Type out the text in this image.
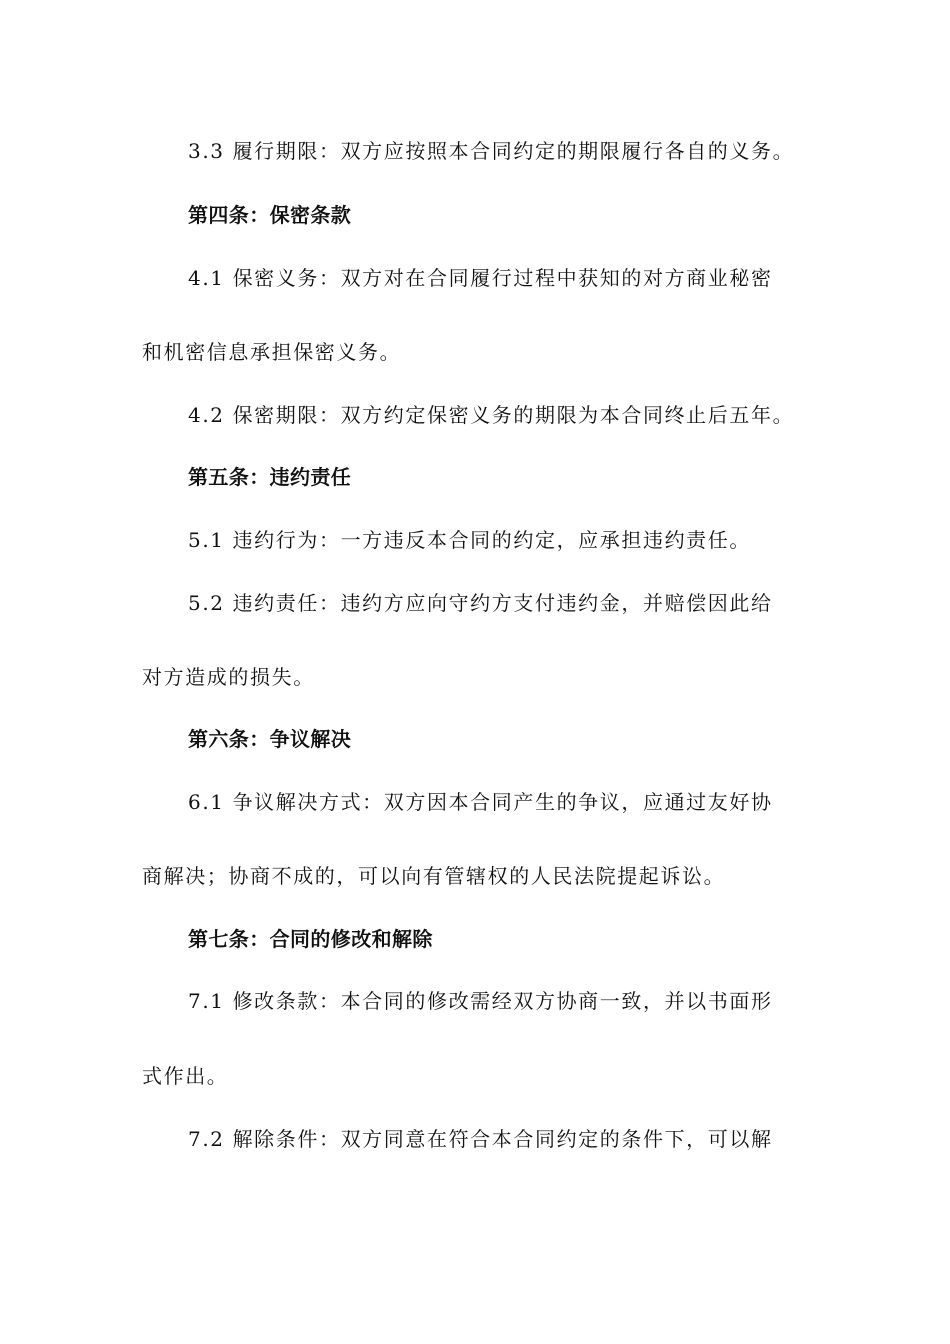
3.3 履行期限：双方应按照本合同约定的期限履行各自的义务。

第四条：保密条款

4.1 保密义务：双方对在合同履行过程中获知的对方商业秘密

和机密信息承担保密义务。

4.2 保密期限：双方约定保密义务的期限为本合同终止后五年。

第五条：违约责任

5.1 违约行为：一方违反本合同的约定，应承担违约责任。

5.2 违约责任：违约方应向守约方支付违约金，并赔偿因此给

对方造成的损失。

第六条：争议解决

6.1 争议解决方式：双方因本合同产生的争议，应通过友好协

商解决；协商不成的，可以向有管辖权的人民法院提起诉讼。

第七条：合同的修改和解除

7.1 修改条款：本合同的修改需经双方协商一致，并以书面形

式作出。

7.2 解除条件：双方同意在符合本合同约定的条件下，可以解
